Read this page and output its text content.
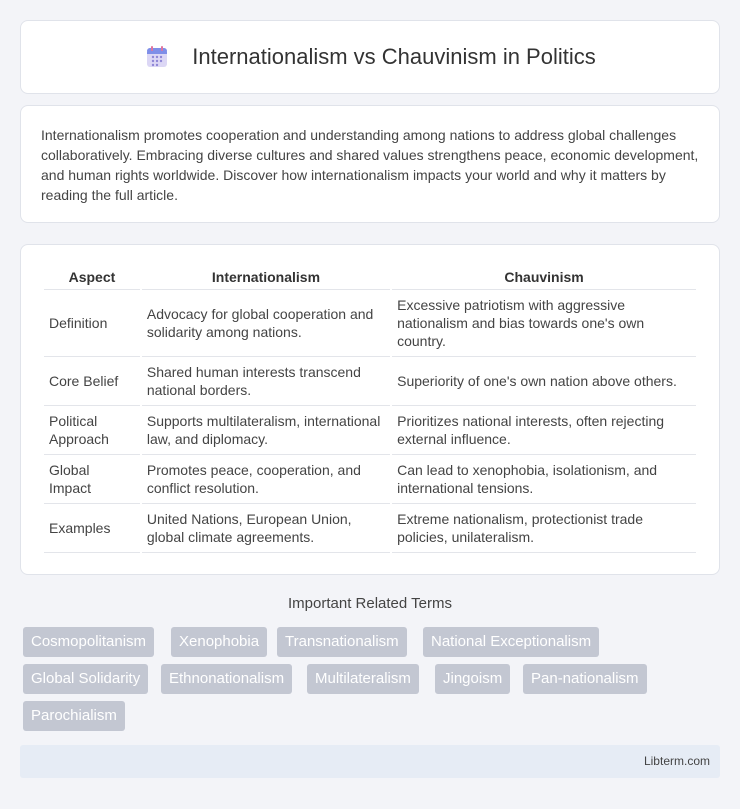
Internationalism vs Chauvinism in Politics

Internationalism promotes cooperation and understanding among nations to address global challenges collaboratively. Embracing diverse cultures and shared values strengthens peace, economic development, and human rights worldwide. Discover how internationalism impacts your world and why it matters by reading the full article.

Aspect	Internationalism	Chauvinism
Definition	Advocacy for global cooperation and solidarity among nations.	Excessive patriotism with aggressive nationalism and bias towards one's own country.
Core Belief	Shared human interests transcend national borders.	Superiority of one's own nation above others.
Political Approach	Supports multilateralism, international law, and diplomacy.	Prioritizes national interests, often rejecting external influence.
Global Impact	Promotes peace, cooperation, and conflict resolution.	Can lead to xenophobia, isolationism, and international tensions.
Examples	United Nations, European Union, global climate agreements.	Extreme nationalism, protectionist trade policies, unilateralism.
Important Related Terms
Cosmopolitanism	Xenophobia	Transnationalism	National Exceptionalism
Global Solidarity	Ethnonationalism	Multilateralism	Jingoism	Pan-nationalism
Parochialism
Libterm.com
